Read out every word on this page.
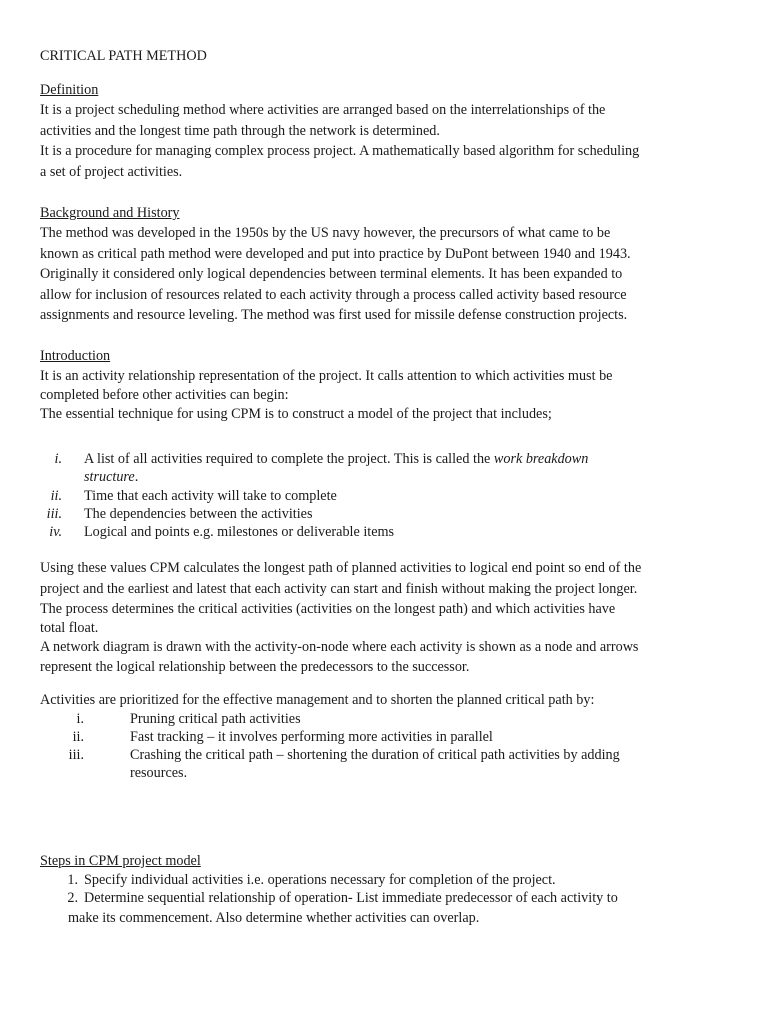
CRITICAL PATH METHOD
Definition
It is a project scheduling method where activities are arranged based on the interrelationships of the
activities and the longest time path through the network is determined.
It is a procedure for managing complex process project. A mathematically based algorithm for scheduling
a set of project activities.
Background and History
The method was developed in the 1950s by the US navy however, the precursors of what came to be
known as critical path method were developed and put into practice by DuPont between 1940 and 1943.
Originally it considered only logical dependencies between terminal elements. It has been expanded to
allow for inclusion of resources related to each activity through a process called activity based resource
assignments and resource leveling. The method was first used for missile defense construction projects.
Introduction
It is an activity relationship representation of the project. It calls attention to which activities must be
completed before other activities can begin:
The essential technique for using CPM is to construct a model of the project that includes;
i. A list of all activities required to complete the project. This is called the work breakdown
structure.
ii. Time that each activity will take to complete
iii. The dependencies between the activities
iv. Logical and points e.g. milestones or deliverable items
Using these values CPM calculates the longest path of planned activities to logical end point so end of the
project and the earliest and latest that each activity can start and finish without making the project longer.
The process determines the critical activities (activities on the longest path) and which activities have
total float.
A network diagram is drawn with the activity-on-node where each activity is shown as a node and arrows
represent the logical relationship between the predecessors to the successor.
Activities are prioritized for the effective management and to shorten the planned critical path by:
i.	Pruning critical path activities
ii.	Fast tracking – it involves performing more activities in parallel
iii.	Crashing the critical path – shortening the duration of critical path activities by adding
resources.
Steps in CPM project model
1. Specify individual activities i.e. operations necessary for completion of the project.
2. Determine sequential relationship of operation- List immediate predecessor of each activity to
make its commencement. Also determine whether activities can overlap.
